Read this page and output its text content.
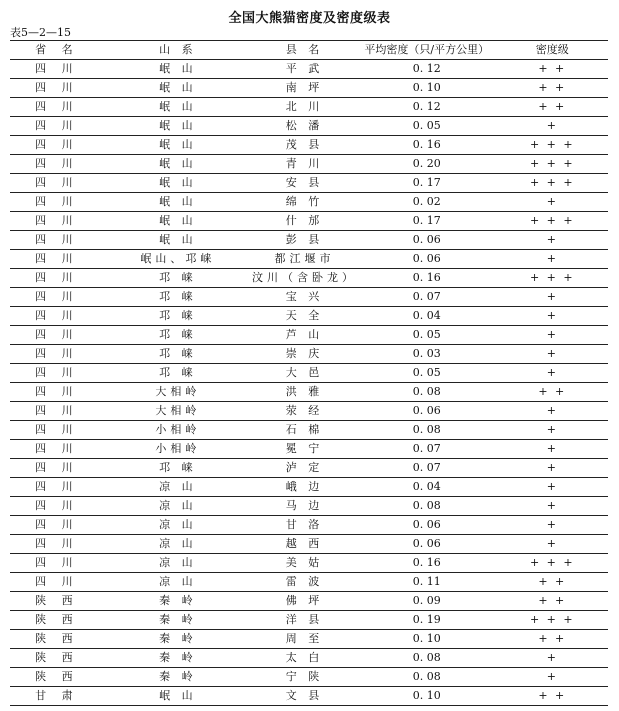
全国大熊猫密度及密度级表
表5—2—15
省 名	山 系	县 名	平均密度（只/平方公里）	密度级
四 川	岷 山	平 武	0. 12	+ +
四 川	岷 山	南 坪	0. 10	+ +
四 川	岷 山	北 川	0. 12	+ +
四 川	岷 山	松 潘	0. 05	+
四 川	岷 山	茂 县	0. 16	+ + +
四 川	岷 山	青 川	0. 20	+ + +
四 川	岷 山	安 县	0. 17	+ + +
四 川	岷 山	绵 竹	0. 02	+
四 川	岷 山	什 邡	0. 17	+ + +
四 川	岷 山	彭 县	0. 06	+
四 川	岷山、邛崃	都江堰市	0. 06	+
四 川	邛 崃	汶川（含卧龙）	0. 16	+ + +
四 川	邛 崃	宝 兴	0. 07	+
四 川	邛 崃	天 全	0. 04	+
四 川	邛 崃	芦 山	0. 05	+
四 川	邛 崃	崇 庆	0. 03	+
四 川	邛 崃	大 邑	0. 05	+
四 川	大相岭	洪 雅	0. 08	+ +
四 川	大相岭	荥 经	0. 06	+
四 川	小相岭	石 棉	0. 08	+
四 川	小相岭	冕 宁	0. 07	+
四 川	邛 崃	泸 定	0. 07	+
四 川	凉 山	峨 边	0. 04	+
四 川	凉 山	马 边	0. 08	+
四 川	凉 山	甘 洛	0. 06	+
四 川	凉 山	越 西	0. 06	+
四 川	凉 山	美 姑	0. 16	+ + +
四 川	凉 山	雷 波	0. 11	+ +
陕 西	秦 岭	佛 坪	0. 09	+ +
陕 西	秦 岭	洋 县	0. 19	+ + +
陕 西	秦 岭	周 至	0. 10	+ +
陕 西	秦 岭	太 白	0. 08	+
陕 西	秦 岭	宁 陕	0. 08	+
甘 肃	岷 山	文 县	0. 10	+ +
